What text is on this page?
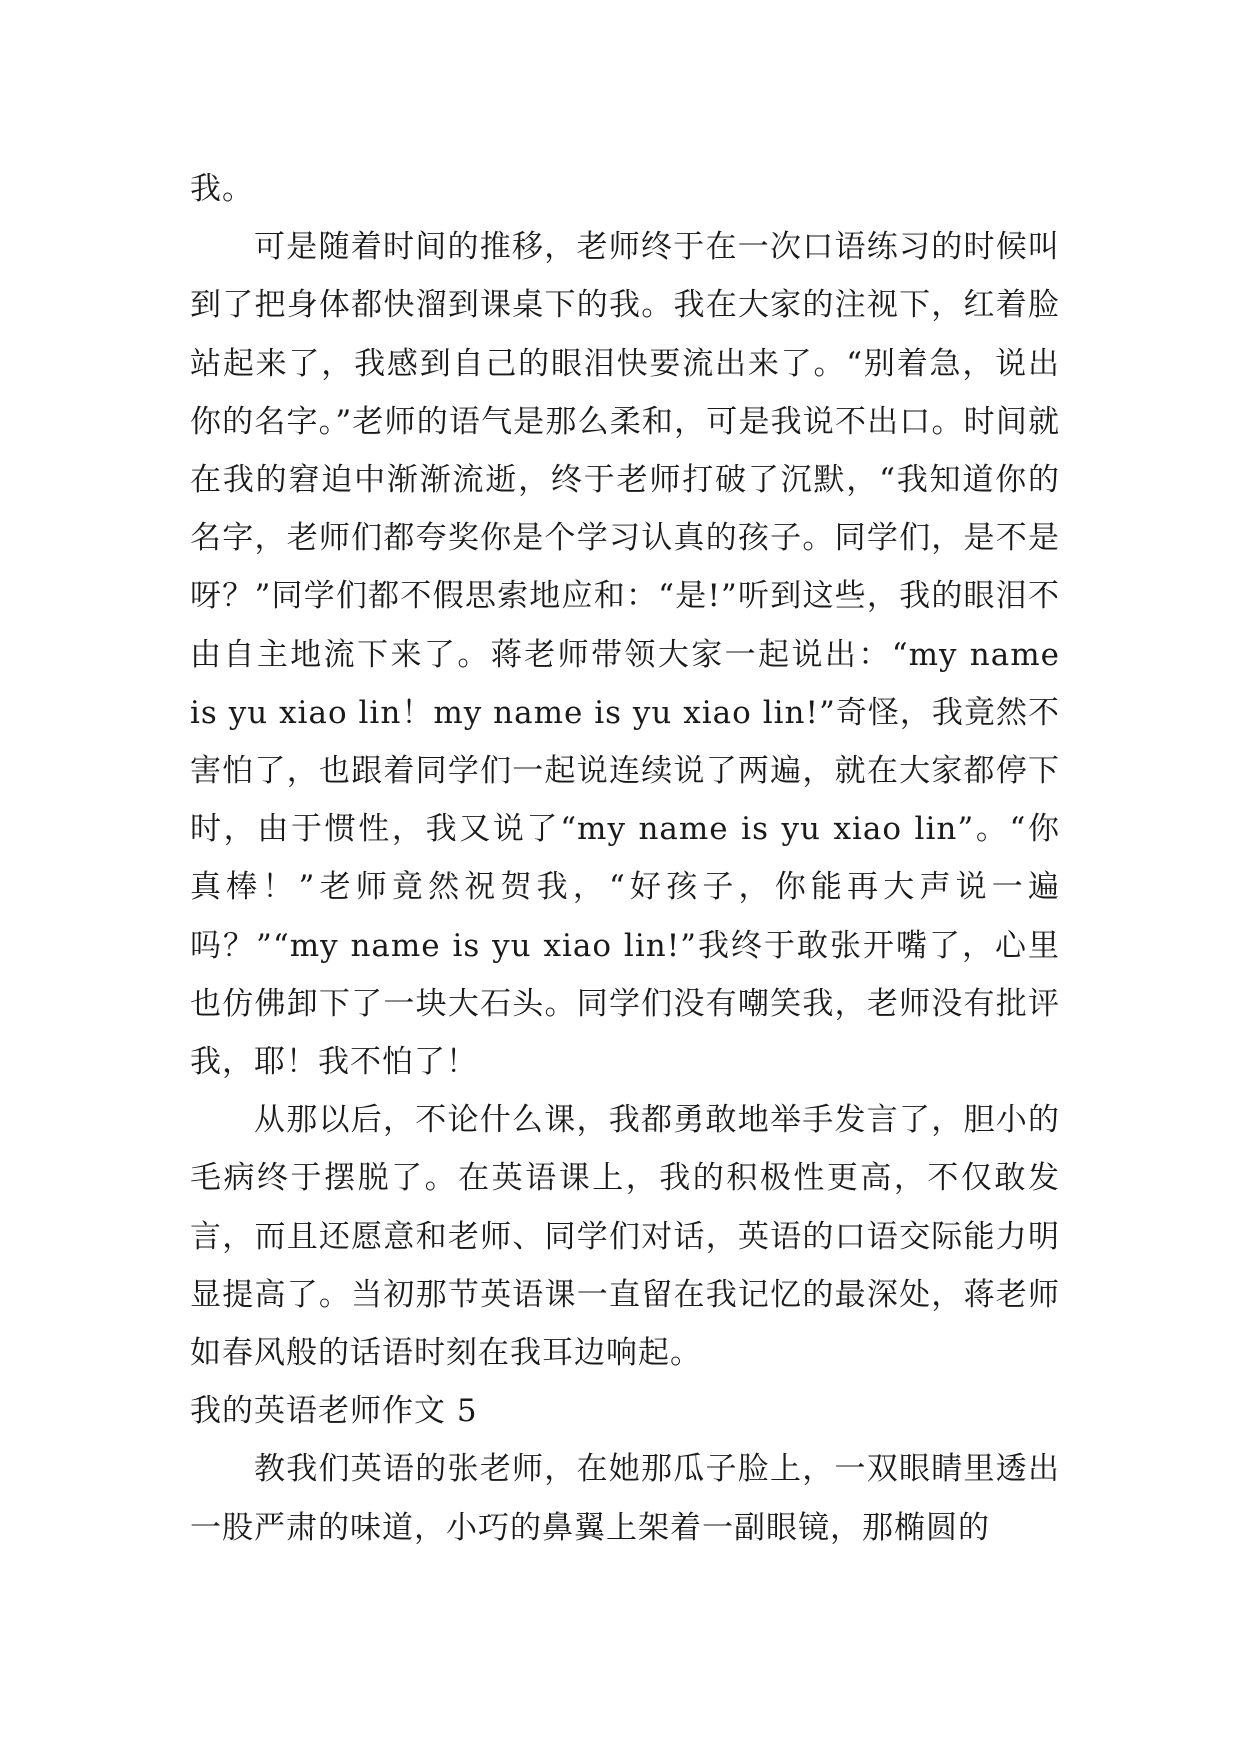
我。

可是随着时间的推移，老师终于在一次口语练习的时候叫到了把身体都快溜到课桌下的我。我在大家的注视下，红着脸站起来了，我感到自己的眼泪快要流出来了。“别着急，说出你的名字。”老师的语气是那么柔和，可是我说不出口。时间就在我的窘迫中渐渐流逝，终于老师打破了沉默，“我知道你的名字，老师们都夸奖你是个学习认真的孩子。同学们，是不是呀？”同学们都不假思索地应和：“是!”听到这些，我的眼泪不由自主地流下来了。蒋老师带领大家一起说出：“my name is yu xiao lin！my name is yu xiao lin!”奇怪，我竟然不害怕了，也跟着同学们一起说连续说了两遍，就在大家都停下时，由于惯性，我又说了“my name is yu xiao lin”。“你真棒！”老师竟然祝贺我，“好孩子，你能再大声说一遍吗？”“my name is yu xiao lin!”我终于敢张开嘴了，心里也仿佛卸下了一块大石头。同学们没有嘲笑我，老师没有批评我，耶！我不怕了！

从那以后，不论什么课，我都勇敢地举手发言了，胆小的毛病终于摆脱了。在英语课上，我的积极性更高，不仅敢发言，而且还愿意和老师、同学们对话，英语的口语交际能力明显提高了。当初那节英语课一直留在我记忆的最深处，蒋老师如春风般的话语时刻在我耳边响起。

我的英语老师作文 5

教我们英语的张老师，在她那瓜子脸上，一双眼睛里透出一股严肃的味道，小巧的鼻翼上架着一副眼镜，那椭圆的
